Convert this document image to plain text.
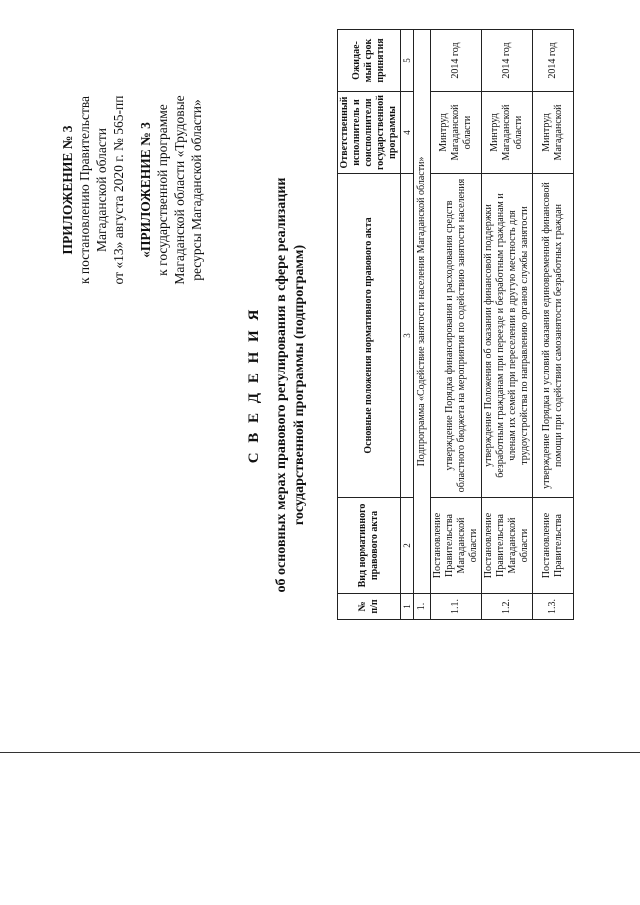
ПРИЛОЖЕНИЕ № 3 к постановлению Правительства Магаданской области от «13» августа 2020 г. № 565-пп «ПРИЛОЖЕНИЕ № 3 к государственной программе Магаданской области «Трудовые ресурсы Магаданской области»
С В Е Д Е Н И Я об основных мерах правового регулирования в сфере реализации государственной программы (подпрограмм)
№ п/п	Вид нормативного правового акта	Основные положения нормативного правового акта	Ответственный исполнитель и соисполнители государственной программы	Ожидае-мый срок принятия
1	2	3	4	5
1.	Подпрограмма «Содействие занятости населения Магаданской области»			
1.1.	Постановление Правительства Магаданской области	утверждение Порядка финансирования и расходования средств областного бюджета на мероприятия по содействию занятости населения	Минтруд Магаданской области	2014 год
1.2.	Постановление Правительства Магаданской области	утверждение Положения об оказании финансовой поддержки безработным гражданам при переезде и безработным гражданам и членам их семей при переселении в другую местность для трудоустройства по направлению органов службы занятости	Минтруд Магаданской области	2014 год
1.3.	Постановление Правительства	утверждение Порядка и условий оказания единовременной финансовой помощи при содействии самозанятости безработных граждан	Минтруд Магаданской	2014 год
